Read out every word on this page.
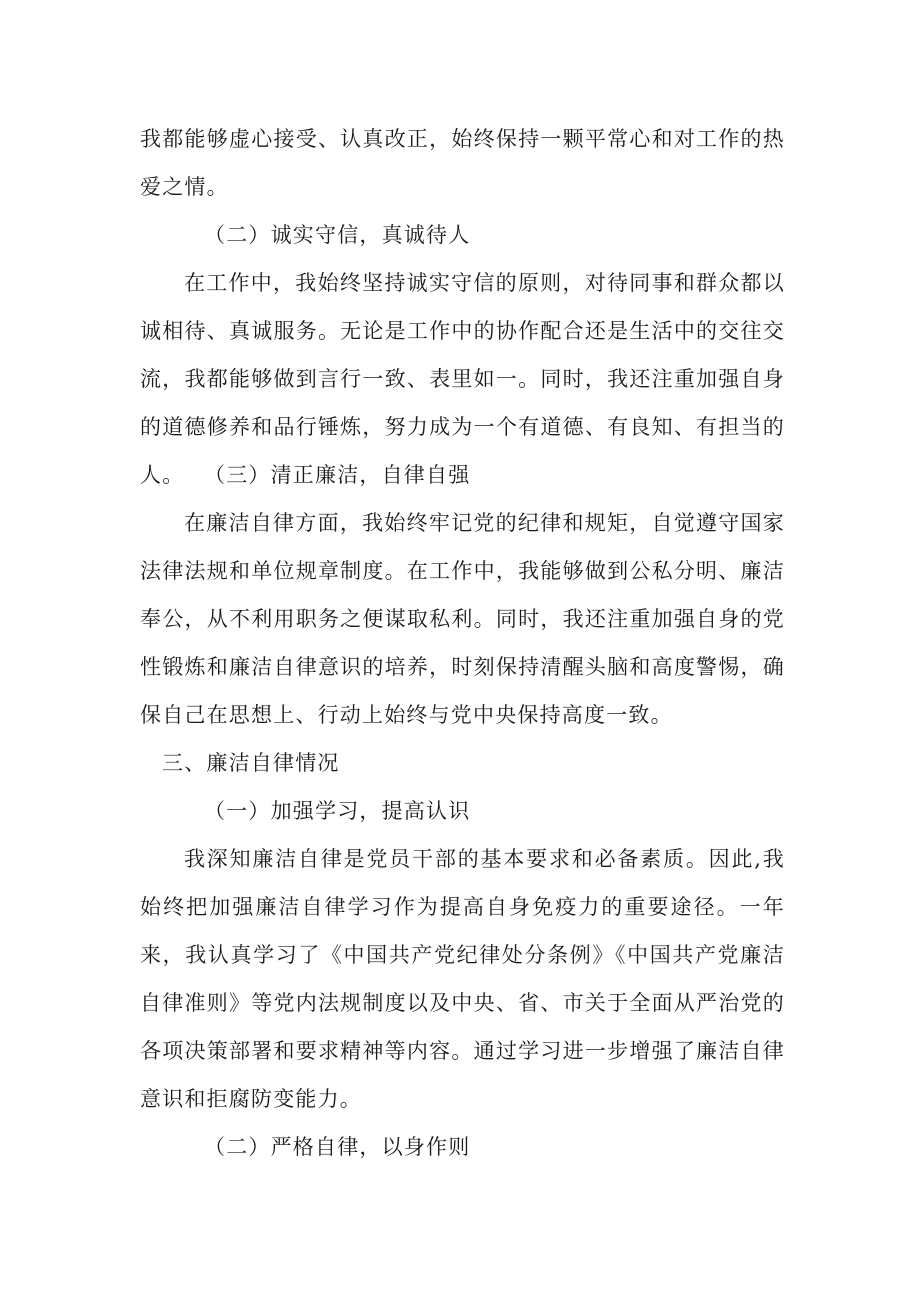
我都能够虚心接受、认真改正，始终保持一颗平常心和对工作的热爱之情。

（二）诚实守信，真诚待人

在工作中，我始终坚持诚实守信的原则，对待同事和群众都以诚相待、真诚服务。无论是工作中的协作配合还是生活中的交往交流，我都能够做到言行一致、表里如一。同时，我还注重加强自身的道德修养和品行锤炼，努力成为一个有道德、有良知、有担当的人。 （三）清正廉洁，自律自强

在廉洁自律方面，我始终牢记党的纪律和规矩，自觉遵守国家法律法规和单位规章制度。在工作中，我能够做到公私分明、廉洁奉公，从不利用职务之便谋取私利。同时，我还注重加强自身的党性锻炼和廉洁自律意识的培养，时刻保持清醒头脑和高度警惕，确保自己在思想上、行动上始终与党中央保持高度一致。

三、廉洁自律情况

（一）加强学习，提高认识

我深知廉洁自律是党员干部的基本要求和必备素质。因此,我始终把加强廉洁自律学习作为提高自身免疫力的重要途径。一年来，我认真学习了《中国共产党纪律处分条例》《中国共产党廉洁自律准则》等党内法规制度以及中央、省、市关于全面从严治党的各项决策部署和要求精神等内容。通过学习进一步增强了廉洁自律意识和拒腐防变能力。

（二）严格自律，以身作则
